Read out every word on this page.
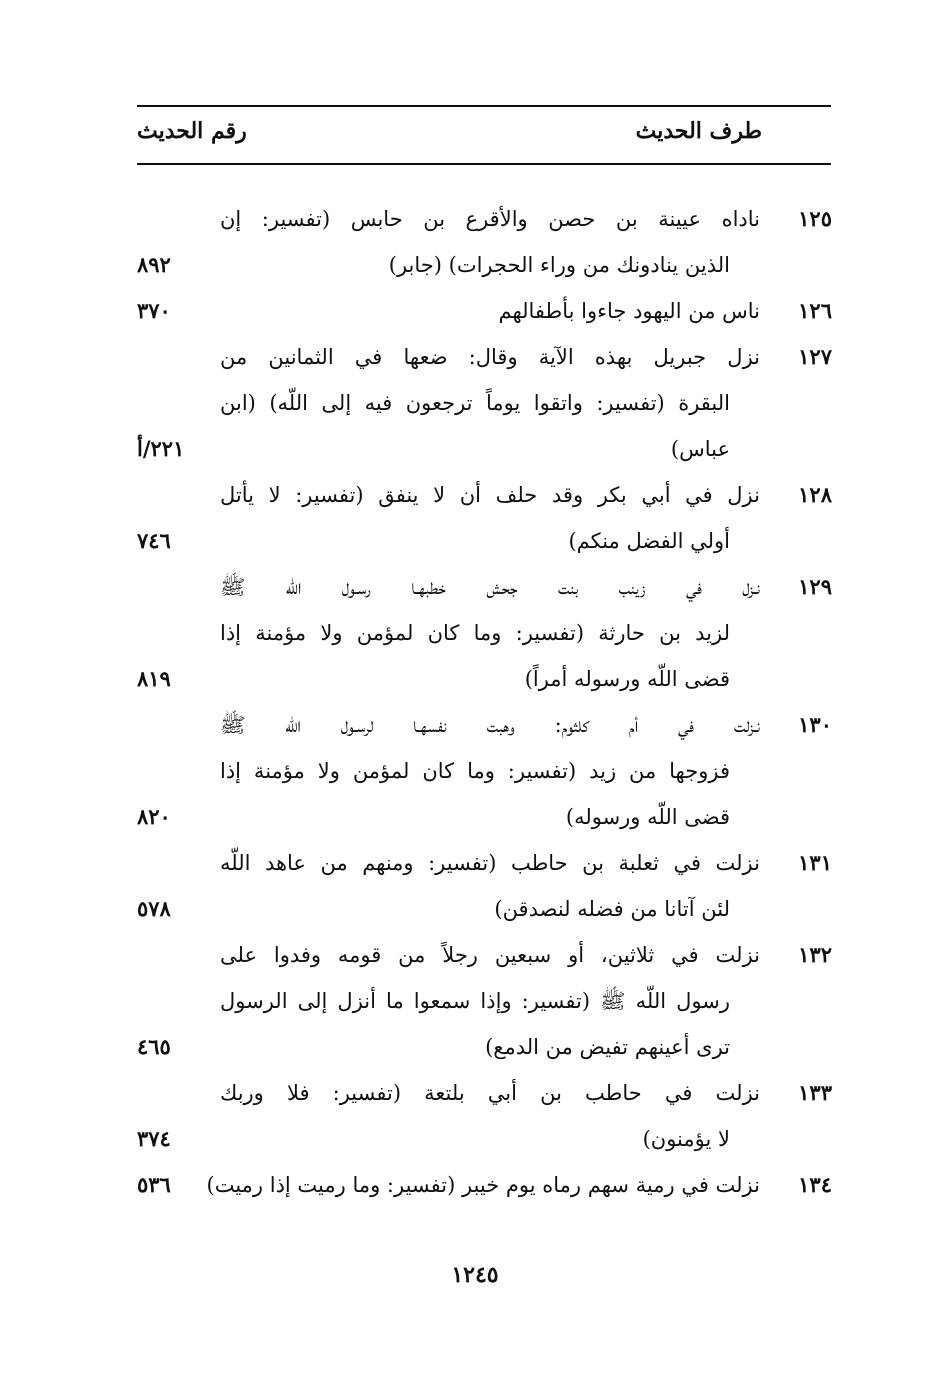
طرف الحديث
رقم الحديث
١٢٥
ناداه عيينة بن حصن والأقرع بن حابس (تفسير: إن
الذين ينادونك من وراء الحجرات) (جابر)
٨٩٢
١٢٦
ناس من اليهود جاءوا بأطفالهم
٣٧٠
١٢٧
نزل جبريل بهذه الآية وقال: ضعها في الثمانين من
البقرة (تفسير: واتقوا يوماً ترجعون فيه إلى اللّه) (ابن
عباس)
٢٢١/أ
١٢٨
نزل في أبي بكر وقد حلف أن لا ينفق (تفسير: لا يأتل
أولي الفضل منكم)
٧٤٦
١٢٩
نـزل في زينب بنت جحش خطبهـا رسـول اللّه ﷺ
لزيد بن حارثة (تفسير: وما كان لمؤمن ولا مؤمنة إذا
قضى اللّه ورسوله أمراً)
٨١٩
١٣٠
نـزلت في أم كلثوم: وهبت نفسهـا لرسـول اللّه ﷺ
فزوجها من زيد (تفسير: وما كان لمؤمن ولا مؤمنة إذا
قضى اللّه ورسوله)
٨٢٠
١٣١
نزلت في ثعلبة بن حاطب (تفسير: ومنهم من عاهد اللّه
لئن آتانا من فضله لنصدقن)
٥٧٨
١٣٢
نزلت في ثلاثين، أو سبعين رجلاً من قومه وفدوا على
رسول اللّه ﷺ (تفسير: وإذا سمعوا ما أنزل إلى الرسول
ترى أعينهم تفيض من الدمع)
٤٦٥
١٣٣
نزلت في حاطب بن أبي بلتعة (تفسير: فلا وربك
لا يؤمنون)
٣٧٤
١٣٤
نزلت في رمية سهم رماه يوم خيبر (تفسير: وما رميت إذا رميت)
٥٣٦
١٢٤٥
